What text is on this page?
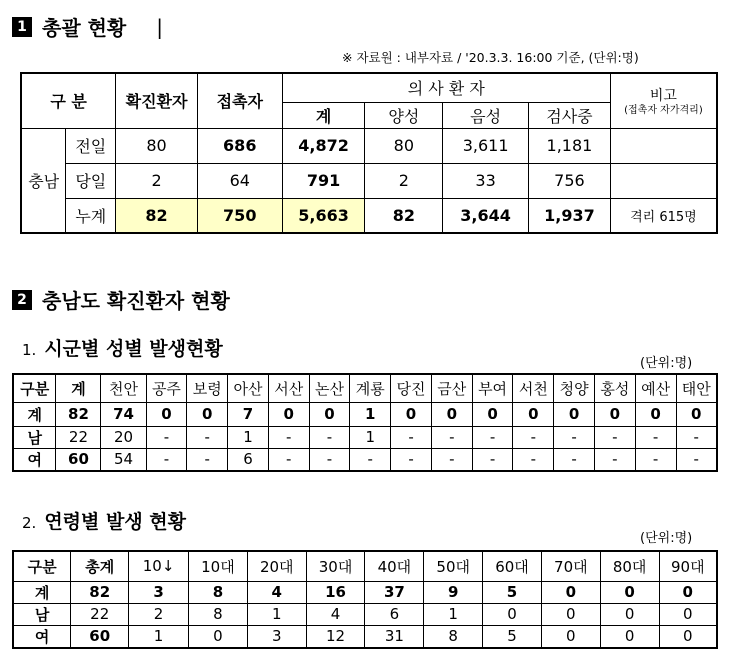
1 총괄 현황 |
※ 자료원 : 내부자료 / '20.3.3. 16:00 기준, (단위:명)
구 분		확진환자	접촉자	의 사 환 자				비고
(접촉자 자가격리)

				계	양성	음성	검사중	
충남	전일	80	686	4,872	80	3,611	1,181	
	당일	2	64	791	2	33	756	
	누계	82	750	5,663	82	3,644	1,937	격리 615명
2 충남도 확진환자 현황
1. 시군별 성별 발생현황
(단위:명)
구분	계	천안	공주	보령	아산	서산	논산	계룡	당진	금산	부여	서천	청양	홍성	예산	태안
계	82	74	0	0	7	0	0	1	0	0	0	0	0	0	0	0
남	22	20	-	-	1	-	-	1	-	-	-	-	-	-	-	-
여	60	54	-	-	6	-	-	-	-	-	-	-	-	-	-	-
2. 연령별 발생 현황
(단위:명)
구분	총계	10↓	10대	20대	30대	40대	50대	60대	70대	80대	90대
계	82	3	8	4	16	37	9	5	0	0	0
남	22	2	8	1	4	6	1	0	0	0	0
여	60	1	0	3	12	31	8	5	0	0	0
